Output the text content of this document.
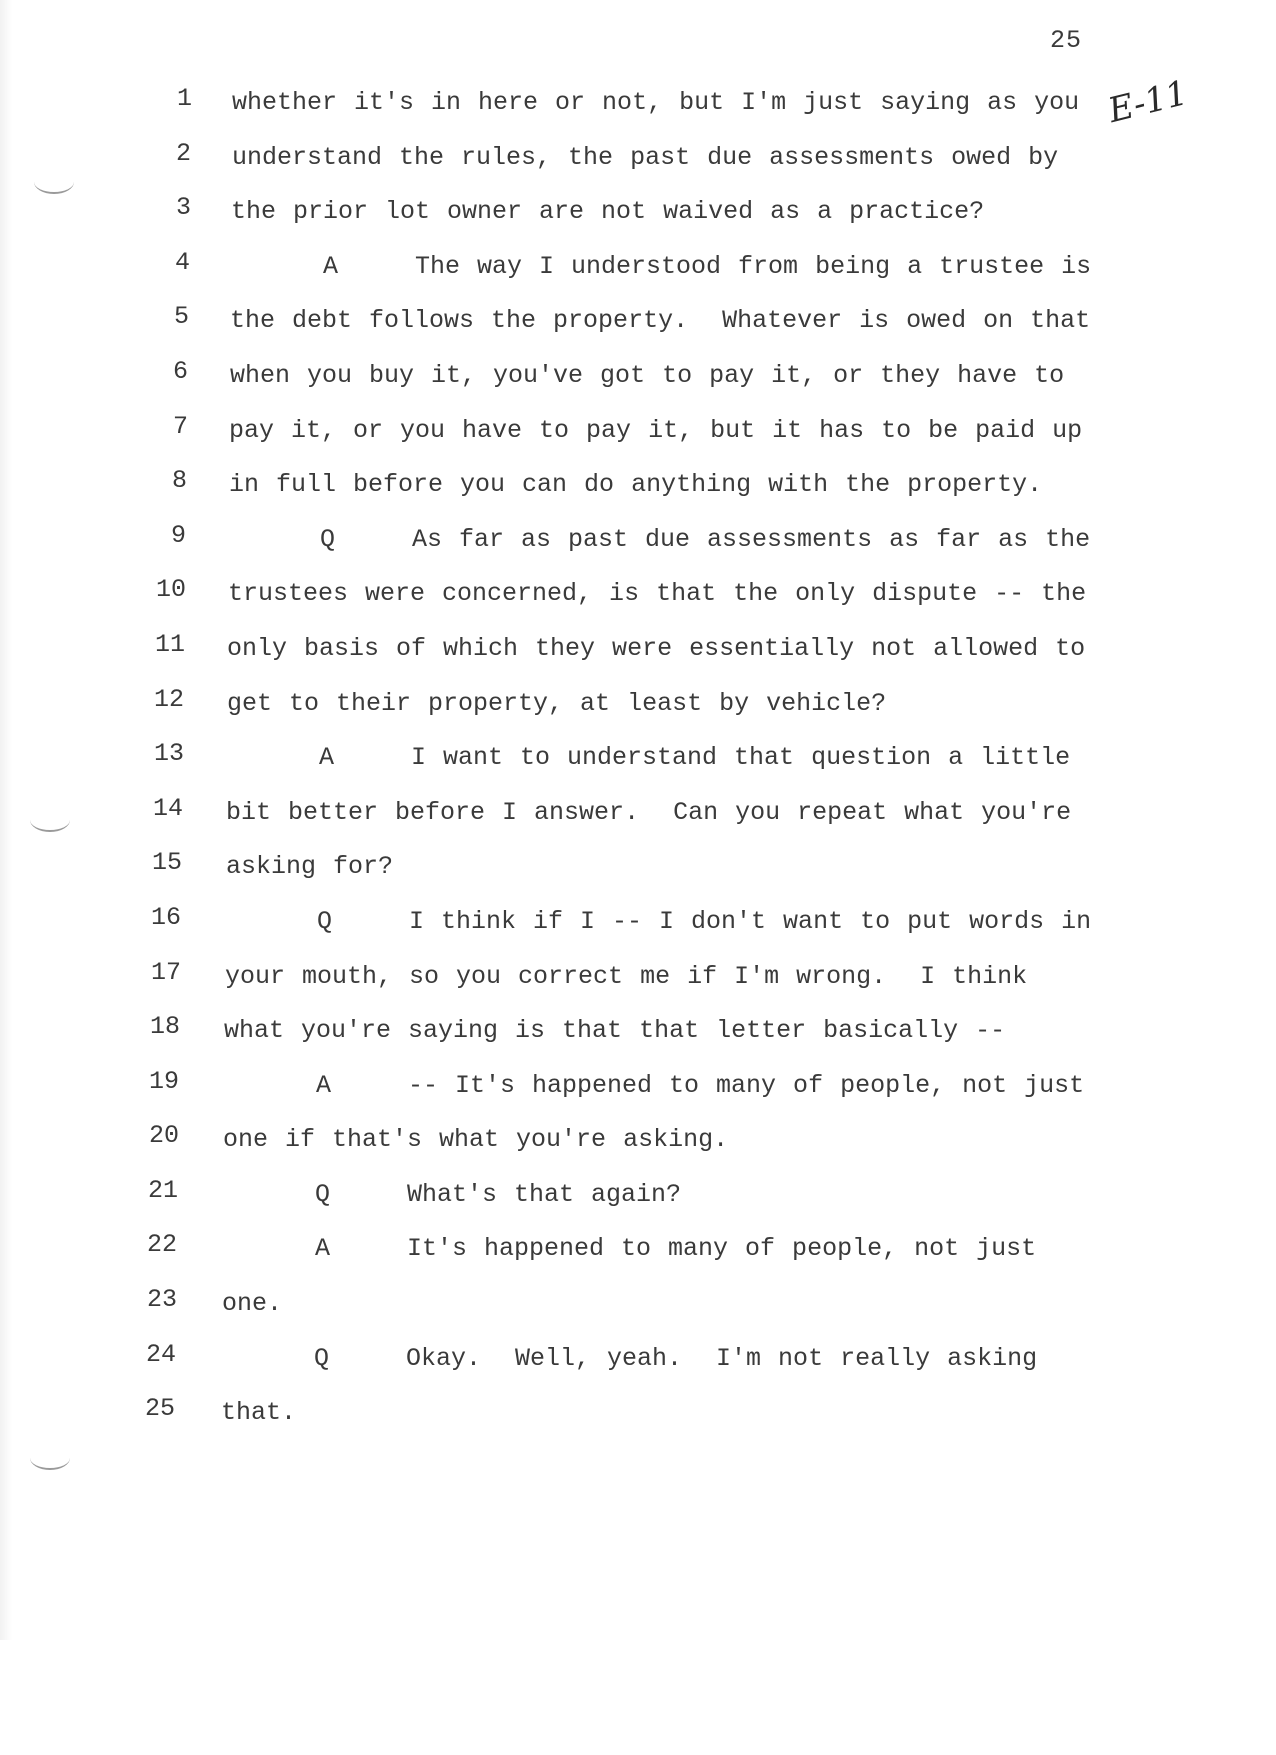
25
E-11
1 whether it's in here or not, but I'm just saying as you
2 understand the rules, the past due assessments owed by
3 the prior lot owner are not waived as a practice?
4	A	The way I understood from being a trustee is
5 the debt follows the property.  Whatever is owed on that
6 when you buy it, you've got to pay it, or they have to
7 pay it, or you have to pay it, but it has to be paid up
8 in full before you can do anything with the property.
9	Q	As far as past due assessments as far as the
10 trustees were concerned, is that the only dispute -- the
11 only basis of which they were essentially not allowed to
12 get to their property, at least by vehicle?
13	A	I want to understand that question a little
14 bit better before I answer.  Can you repeat what you're
15 asking for?
16	Q	I think if I -- I don't want to put words in
17 your mouth, so you correct me if I'm wrong.  I think
18 what you're saying is that that letter basically --
19	A	-- It's happened to many of people, not just
20 one if that's what you're asking.
21	Q	What's that again?
22	A	It's happened to many of people, not just
23 one.
24	Q	Okay.  Well, yeah.  I'm not really asking
25 that.
